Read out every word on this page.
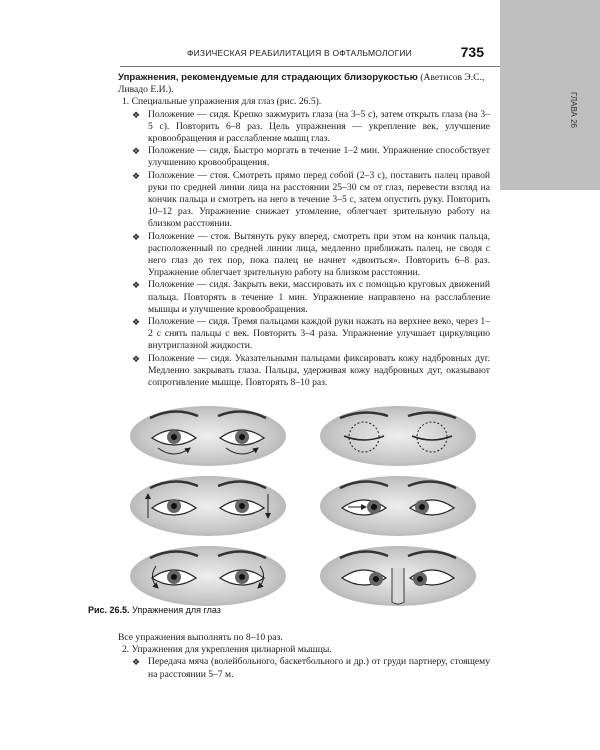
ФИЗИЧЕСКАЯ РЕАБИЛИТАЦИЯ В ОФТАЛЬМОЛОГИИ	735
ГЛАВА 26

Упражнения, рекомендуемые для страдающих близорукостью (Аветисов Э.С., Ливадо Е.И.).

1. Специальные упражнения для глаз (рис. 26.5).

❖ Положение — сидя. Крепко зажмурить глаза (на 3–5 с), затем открыть глаза (на 3–5 с). Повторить 6–8 раз. Цель упражнения — укрепление век, улучшение кровообращения и расслабление мышц глаз.

❖ Положение — сидя. Быстро моргать в течение 1–2 мин. Упражнение способствует улучшению кровообращения.

❖ Положение — стоя. Смотреть прямо перед собой (2–3 с), поставить палец правой руки по средней линии лица на расстоянии 25–30 см от глаз, перевести взгляд на кончик пальца и смотреть на него в течение 3–5 с, затем опустить руку. Повторить 10–12 раз. Упражнение снижает утомление, облегчает зрительную работу на близком расстоянии.

❖ Положение — стоя. Вытянуть руку вперед, смотреть при этом на кончик пальца, расположенный по средней линии лица, медленно приближать палец, не сводя с него глаз до тех пор, пока палец не начнет «двоиться». Повторить 6–8 раз. Упражнение облегчает зрительную работу на близком расстоянии.

❖ Положение — сидя. Закрыть веки, массировать их с помощью круговых движений пальца. Повторять в течение 1 мин. Упражнение направлено на расслабление мышцы и улучшение кровообращения.

❖ Положение — сидя. Тремя пальцами каждой руки нажать на верхнее веко, через 1–2 с снять пальцы с век. Повторить 3–4 раза. Упражнение улучшает циркуляцию внутриглазной жидкости.

❖ Положение — сидя. Указательными пальцами фиксировать кожу надбровных дуг. Медленно закрывать глаза. Пальцы, удерживая кожу надбровных дуг, оказывают сопротивление мышце. Повторять 8–10 раз.

Рис. 26.5. Упражнения для глаз

Все упражнения выполнять по 8–10 раз.

2. Упражнения для укрепления цилиарной мышцы.

❖ Передача мяча (волейбольного, баскетбольного и др.) от груди партнеру, стоящему на расстоянии 5–7 м.
